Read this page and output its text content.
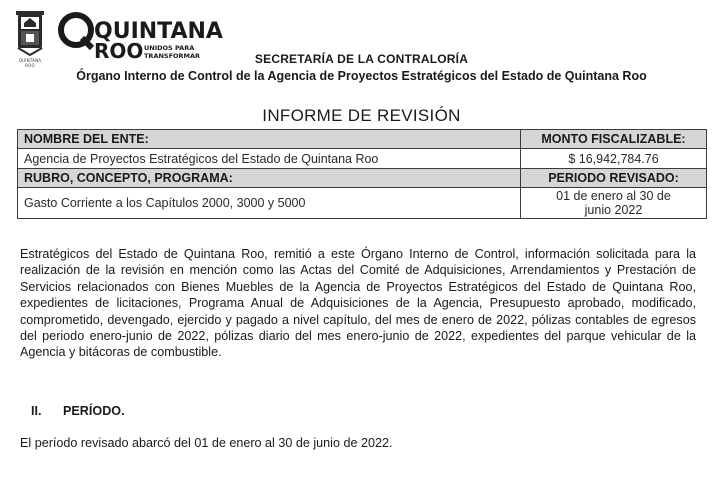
QUINTANA ROO
QUINTANA
ROO UNIDOS PARA
TRANSFORMAR	SECRETARÍA DE LA CONTRALORÍA
Órgano Interno de Control de la Agencia de Proyectos Estratégicos del Estado de Quintana Roo
INFORME DE REVISIÓN
NOMBRE DEL ENTE:	MONTO FISCALIZABLE:
Agencia de Proyectos Estratégicos del Estado de Quintana Roo	$ 16,942,784.76
RUBRO, CONCEPTO, PROGRAMA:	PERIODO REVISADO:
Gasto Corriente a los Capítulos 2000, 3000 y 5000	01 de enero al 30 de
junio 2022
Estratégicos del Estado de Quintana Roo, remitió a este Órgano Interno de Control, información solicitada para la realización de la revisión en mención como las Actas del Comité de Adquisiciones, Arrendamientos y Prestación de Servicios relacionados con Bienes Muebles de la Agencia de Proyectos Estratégicos del Estado de Quintana Roo, expedientes de licitaciones, Programa Anual de Adquisiciones de la Agencia, Presupuesto aprobado, modificado, comprometido, devengado, ejercido y pagado a nivel capítulo, del mes de enero de 2022, pólizas contables de egresos del periodo enero-junio de 2022, pólizas diario del mes enero-junio de 2022, expedientes del parque vehicular de la Agencia y bitácoras de combustible.
II. PERÍODO.
El período revisado abarcó del 01 de enero al 30 de junio de 2022.
